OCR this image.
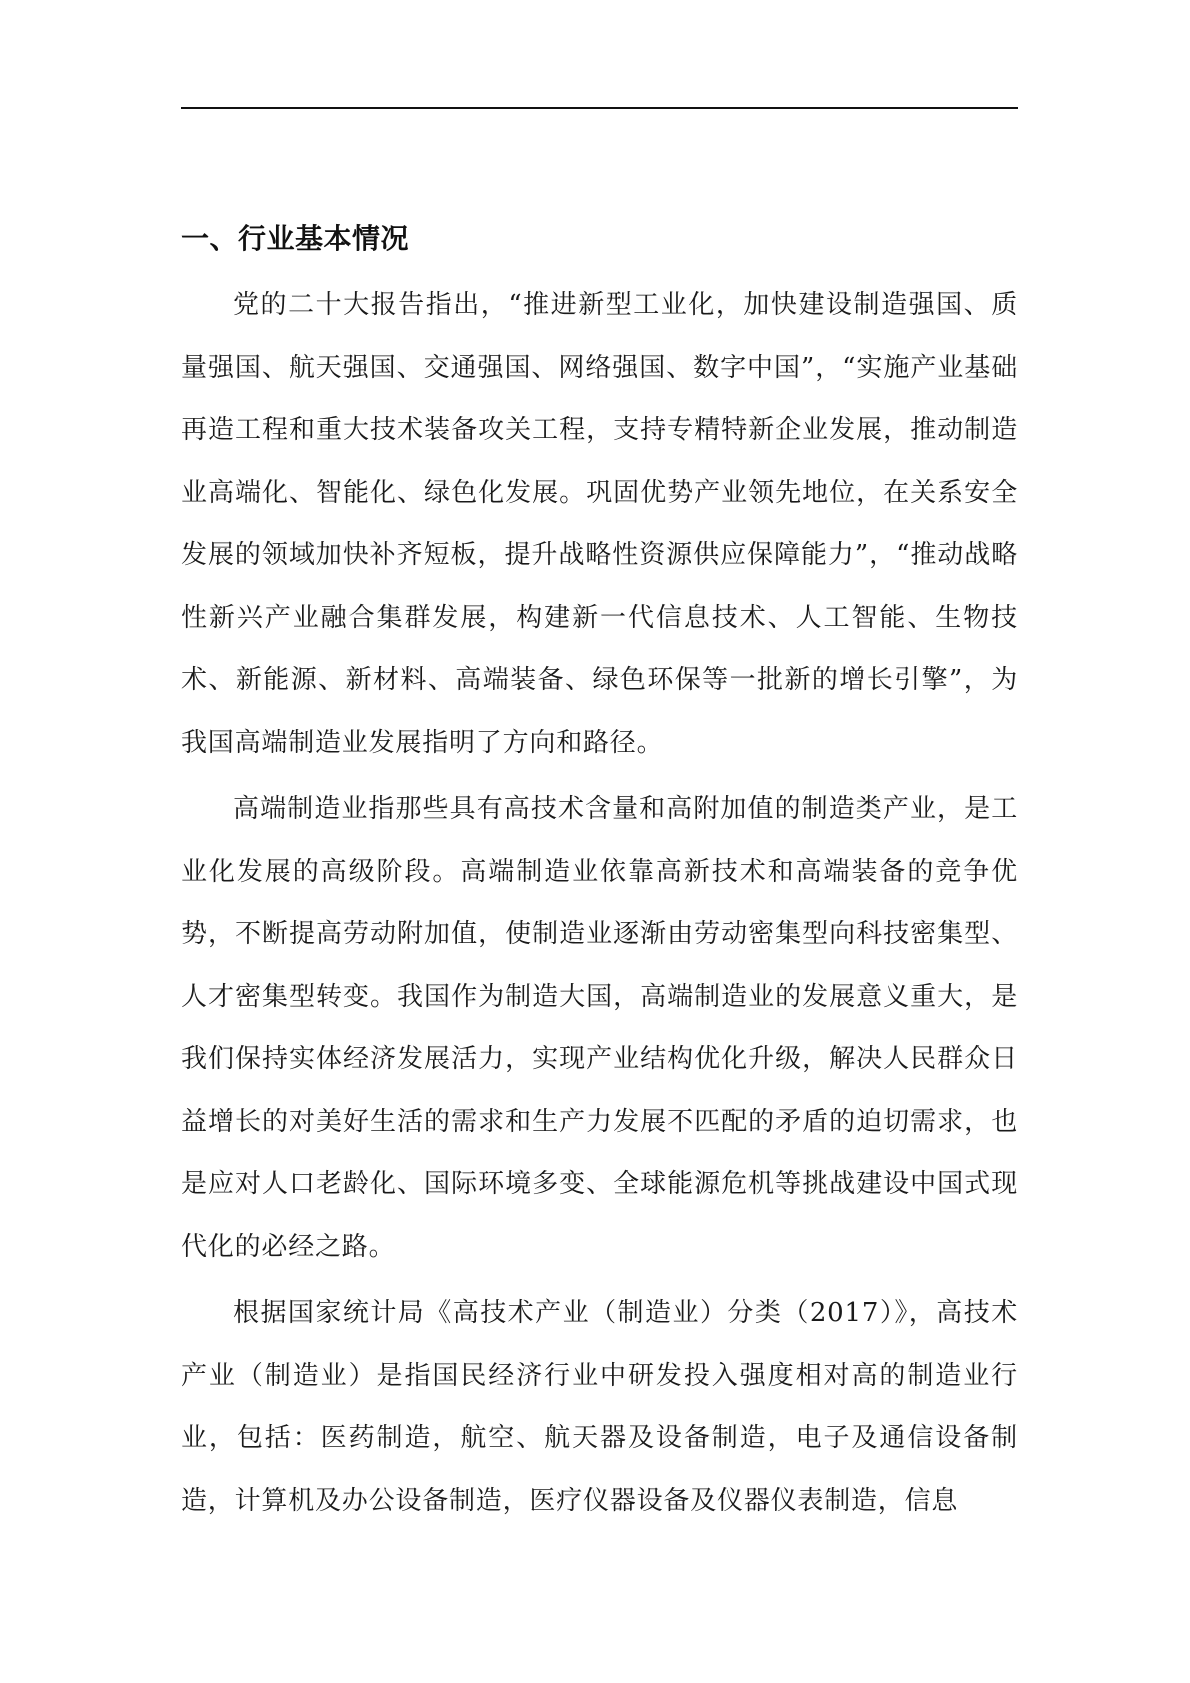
一、行业基本情况

党的二十大报告指出，“推进新型工业化，加快建设制造强国、质量强国、航天强国、交通强国、网络强国、数字中国”，“实施产业基础再造工程和重大技术装备攻关工程，支持专精特新企业发展，推动制造业高端化、智能化、绿色化发展。巩固优势产业领先地位，在关系安全发展的领域加快补齐短板，提升战略性资源供应保障能力”，“推动战略性新兴产业融合集群发展，构建新一代信息技术、人工智能、生物技术、新能源、新材料、高端装备、绿色环保等一批新的增长引擎”，为我国高端制造业发展指明了方向和路径。

高端制造业指那些具有高技术含量和高附加值的制造类产业，是工业化发展的高级阶段。高端制造业依靠高新技术和高端装备的竞争优势，不断提高劳动附加值，使制造业逐渐由劳动密集型向科技密集型、人才密集型转变。我国作为制造大国，高端制造业的发展意义重大，是我们保持实体经济发展活力，实现产业结构优化升级，解决人民群众日益增长的对美好生活的需求和生产力发展不匹配的矛盾的迫切需求，也是应对人口老龄化、国际环境多变、全球能源危机等挑战建设中国式现代化的必经之路。

根据国家统计局《高技术产业（制造业）分类（2017）》，高技术产业（制造业）是指国民经济行业中研发投入强度相对高的制造业行业，包括：医药制造，航空、航天器及设备制造，电子及通信设备制造，计算机及办公设备制造，医疗仪器设备及仪器仪表制造，信息
